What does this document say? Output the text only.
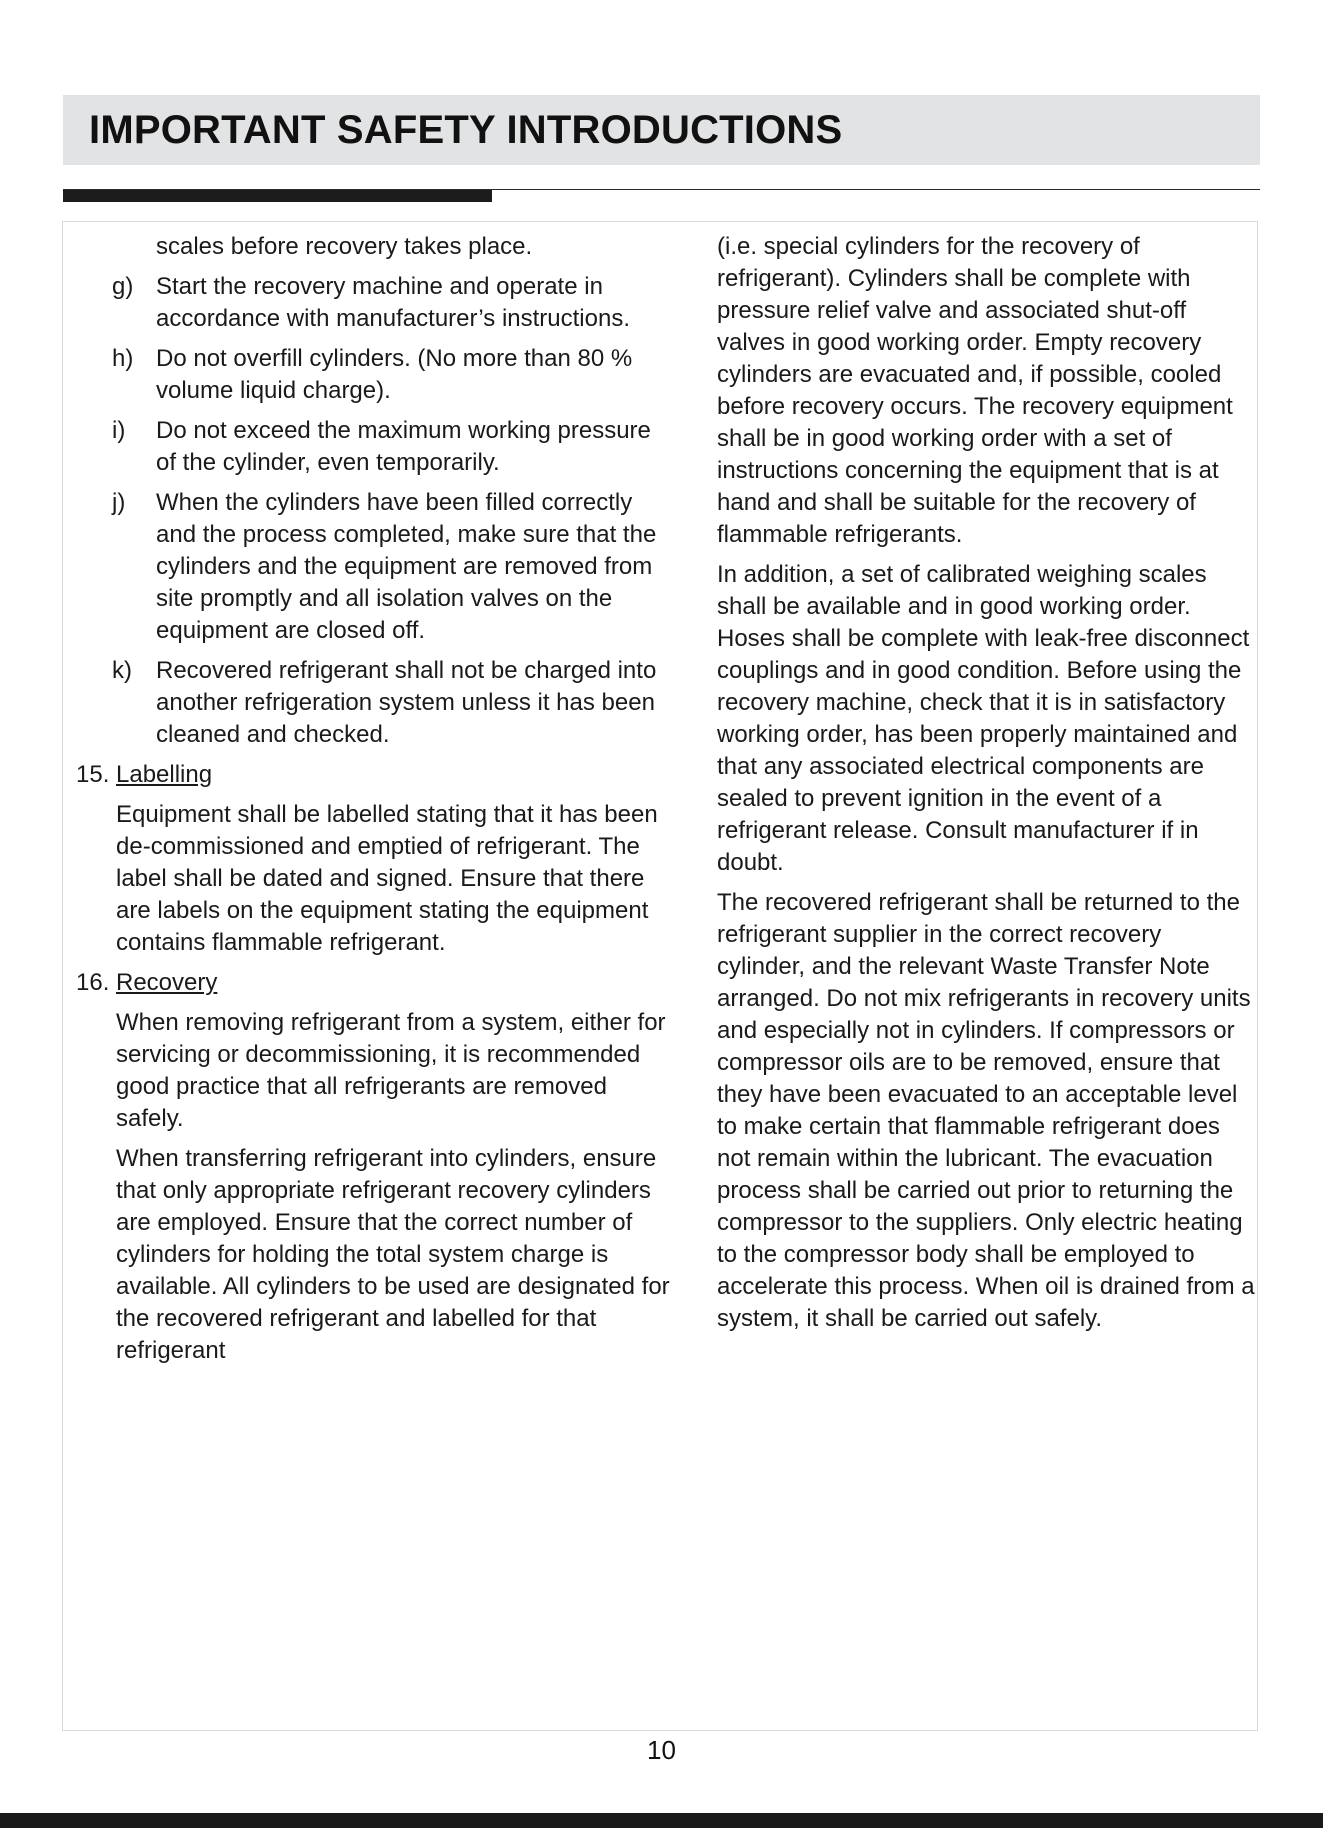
IMPORTANT SAFETY INTRODUCTIONS
scales before recovery takes place.
g) Start the recovery machine and operate in accordance with manufacturer’s instructions.
h) Do not overfill cylinders. (No more than 80 % volume liquid charge).
i)	Do not exceed the maximum working pressure of the cylinder, even temporarily.
j)	When the cylinders have been filled correctly and the process completed, make sure that the cylinders and the equipment are removed from site promptly and all isolation valves on the equipment are closed off.
k)	Recovered refrigerant shall not be charged into another refrigeration system unless it has been cleaned and checked.
15. Labelling
Equipment shall be labelled stating that it has been de-commissioned and emptied of refrigerant. The label shall be dated and signed. Ensure that there are labels on the equipment stating the equipment contains flammable refrigerant.
16. Recovery
When removing refrigerant from a system, either for servicing or decommissioning, it is recommended good practice that all refrigerants are removed safely.
When transferring refrigerant into cylinders, ensure that only appropriate refrigerant recovery cylinders are employed. Ensure that the correct number of cylinders for holding the total system charge is available. All cylinders to be used are designated for the recovered refrigerant and labelled for that refrigerant

(i.e. special cylinders for the recovery of refrigerant). Cylinders shall be complete with pressure relief valve and associated shut-off valves in good working order. Empty recovery cylinders are evacuated and, if possible, cooled before recovery occurs. The recovery equipment shall be in good working order with a set of instructions concerning the equipment that is at hand and shall be suitable for the recovery of flammable refrigerants.

In addition, a set of calibrated weighing scales shall be available and in good working order. Hoses shall be complete with leak-free disconnect couplings and in good condition. Before using the recovery machine, check that it is in satisfactory working order, has been properly maintained and that any associated electrical components are sealed to prevent ignition in the event of a refrigerant release. Consult manufacturer if in doubt.

The recovered refrigerant shall be returned to the refrigerant supplier in the correct recovery cylinder, and the relevant Waste Transfer Note arranged. Do not mix refrigerants in recovery units and especially not in cylinders. If compressors or compressor oils are to be removed, ensure that they have been evacuated to an acceptable level to make certain that flammable refrigerant does not remain within the lubricant. The evacuation process shall be carried out prior to returning the compressor to the suppliers. Only electric heating to the compressor body shall be employed to accelerate this process. When oil is drained from a system, it shall be carried out safely.

10
